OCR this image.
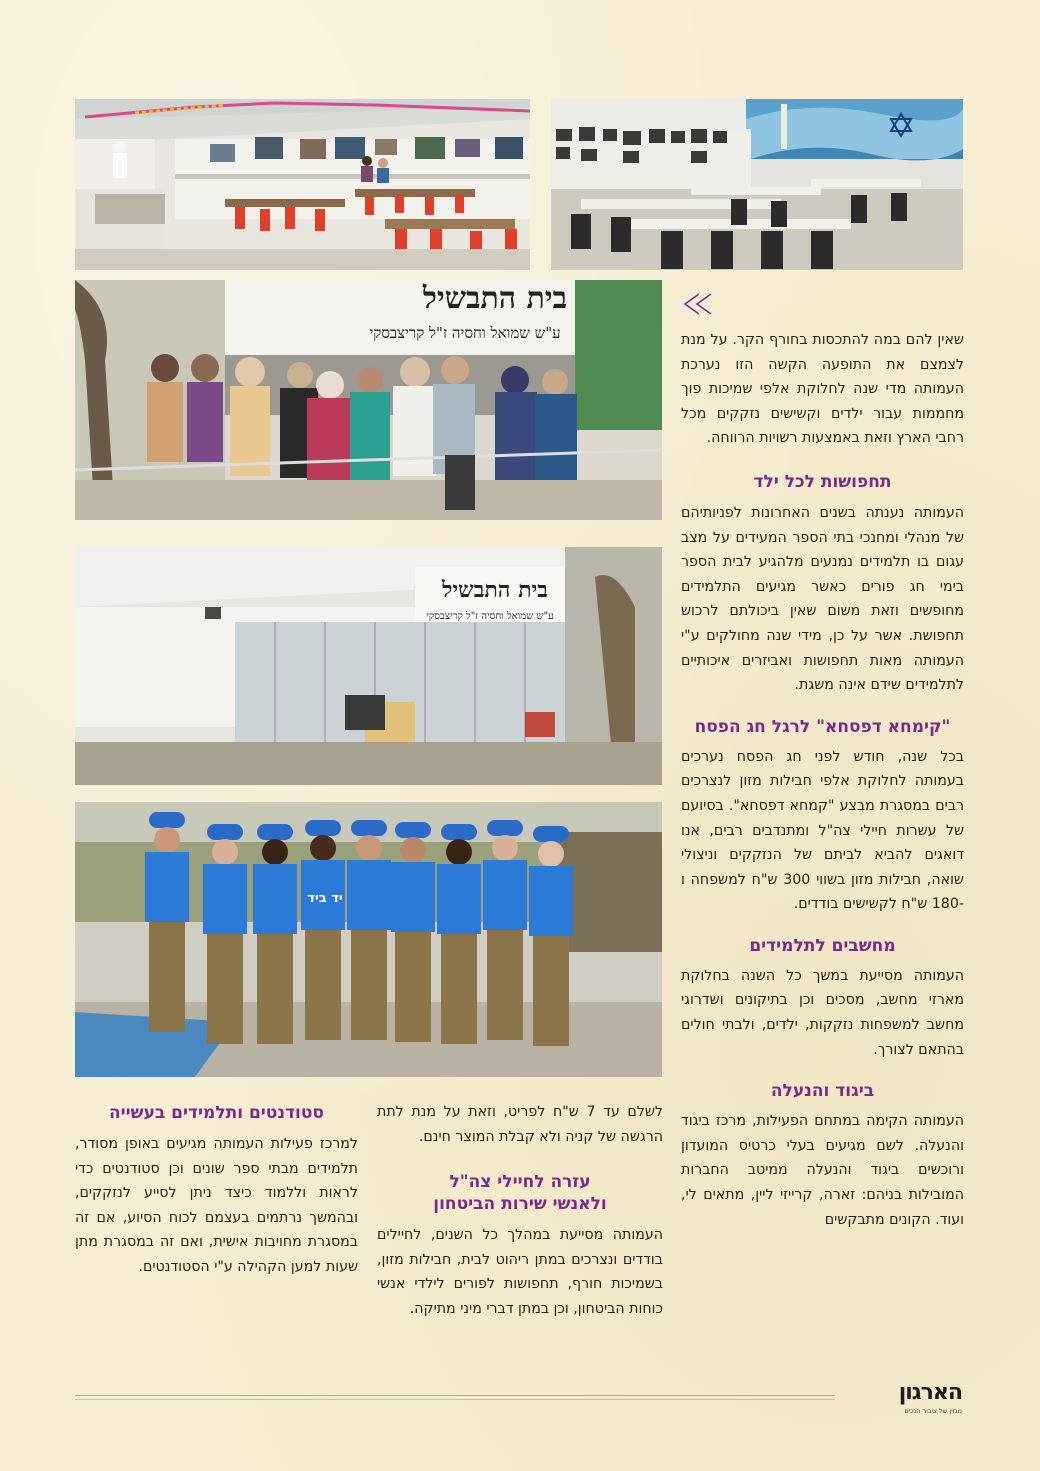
בית התבשיל
ע"ש שמואל וחסיה ז"ל קריצבסקי
בית התבשיל
ע"ש שמואל וחסיה ז"ל קריצבסקי
יד ביד

שאין להם במה להתכסות בחורף הקר. על מנת לצמצם את התופעה הקשה הזו נערכת העמותה מדי שנה לחלוקת אלפי שמיכות פוך מחממות עבור ילדים וקשישים נזקקים מכל רחבי הארץ וזאת באמצעות רשויות הרווחה.

תחפושות לכל ילד

העמותה נענתה בשנים האחרונות לפניותיהם של מנהלי ומחנכי בתי הספר המעידים על מצב עגום בו תלמידים נמנעים מלהגיע לבית הספר בימי חג פורים כאשר מגיעים התלמידים מחופשים וזאת משום שאין ביכולתם לרכוש תחפושת. אשר על כן, מידי שנה מחולקים ע"י העמותה מאות תחפושות ואביזרים איכותיים לתלמידים שידם אינה משגת.

"קימחא דפסחא" לרגל חג הפסח

בכל שנה, חודש לפני חג הפסח נערכים בעמותה לחלוקת אלפי חבילות מזון לנצרכים רבים במסגרת מבצע "קמחא דפסחא". בסיועם של עשרות חיילי צה"ל ומתנדבים רבים, אנו דואגים להביא לביתם של הנזקקים וניצולי שואה, חבילות מזון בשווי 300 ש"ח למשפחה ו -180 ש"ח לקשישים בודדים.

מחשבים לתלמידים

העמותה מסייעת במשך כל השנה בחלוקת מארזי מחשב, מסכים וכן בתיקונים ושדרוגי מחשב למשפחות נזקקות, ילדים, ולבתי חולים בהתאם לצורך.

ביגוד והנעלה

העמותה הקימה במתחם הפעילות, מרכז ביגוד והנעלה. לשם מגיעים בעלי כרטיס המועדון ורוכשים ביגוד והנעלה ממיטב החברות המובילות בניהם: זארה, קרייזי ליין, מתאים לי, ועוד. הקונים מתבקשים

לשלם עד 7 ש"ח לפריט, וזאת על מנת לתת הרגשה של קניה ולא קבלת המוצר חינם.

עזרה לחיילי צה"ל

ולאנשי שירות הביטחון

העמותה מסייעת במהלך כל השנים, לחיילים בודדים ונצרכים במתן ריהוט לבית, חבילות מזון, בשמיכות חורף, תחפושות לפורים לילדי אנשי כוחות הביטחון, וכן במתן דברי מיני מתיקה.

סטודנטים ותלמידים בעשייה

למרכז פעילות העמותה מגיעים באופן מסודר, תלמידים מבתי ספר שונים וכן סטודנטים כדי לראות וללמוד כיצד ניתן לסייע לנזקקים, ובהמשך נרתמים בעצמם לכוח הסיוע, אם זה במסגרת מחויבות אישית, ואם זה במסגרת מתן שעות למען הקהילה ע"י הסטודנטים.

הארגון
מגזין של ציבור הנכים
